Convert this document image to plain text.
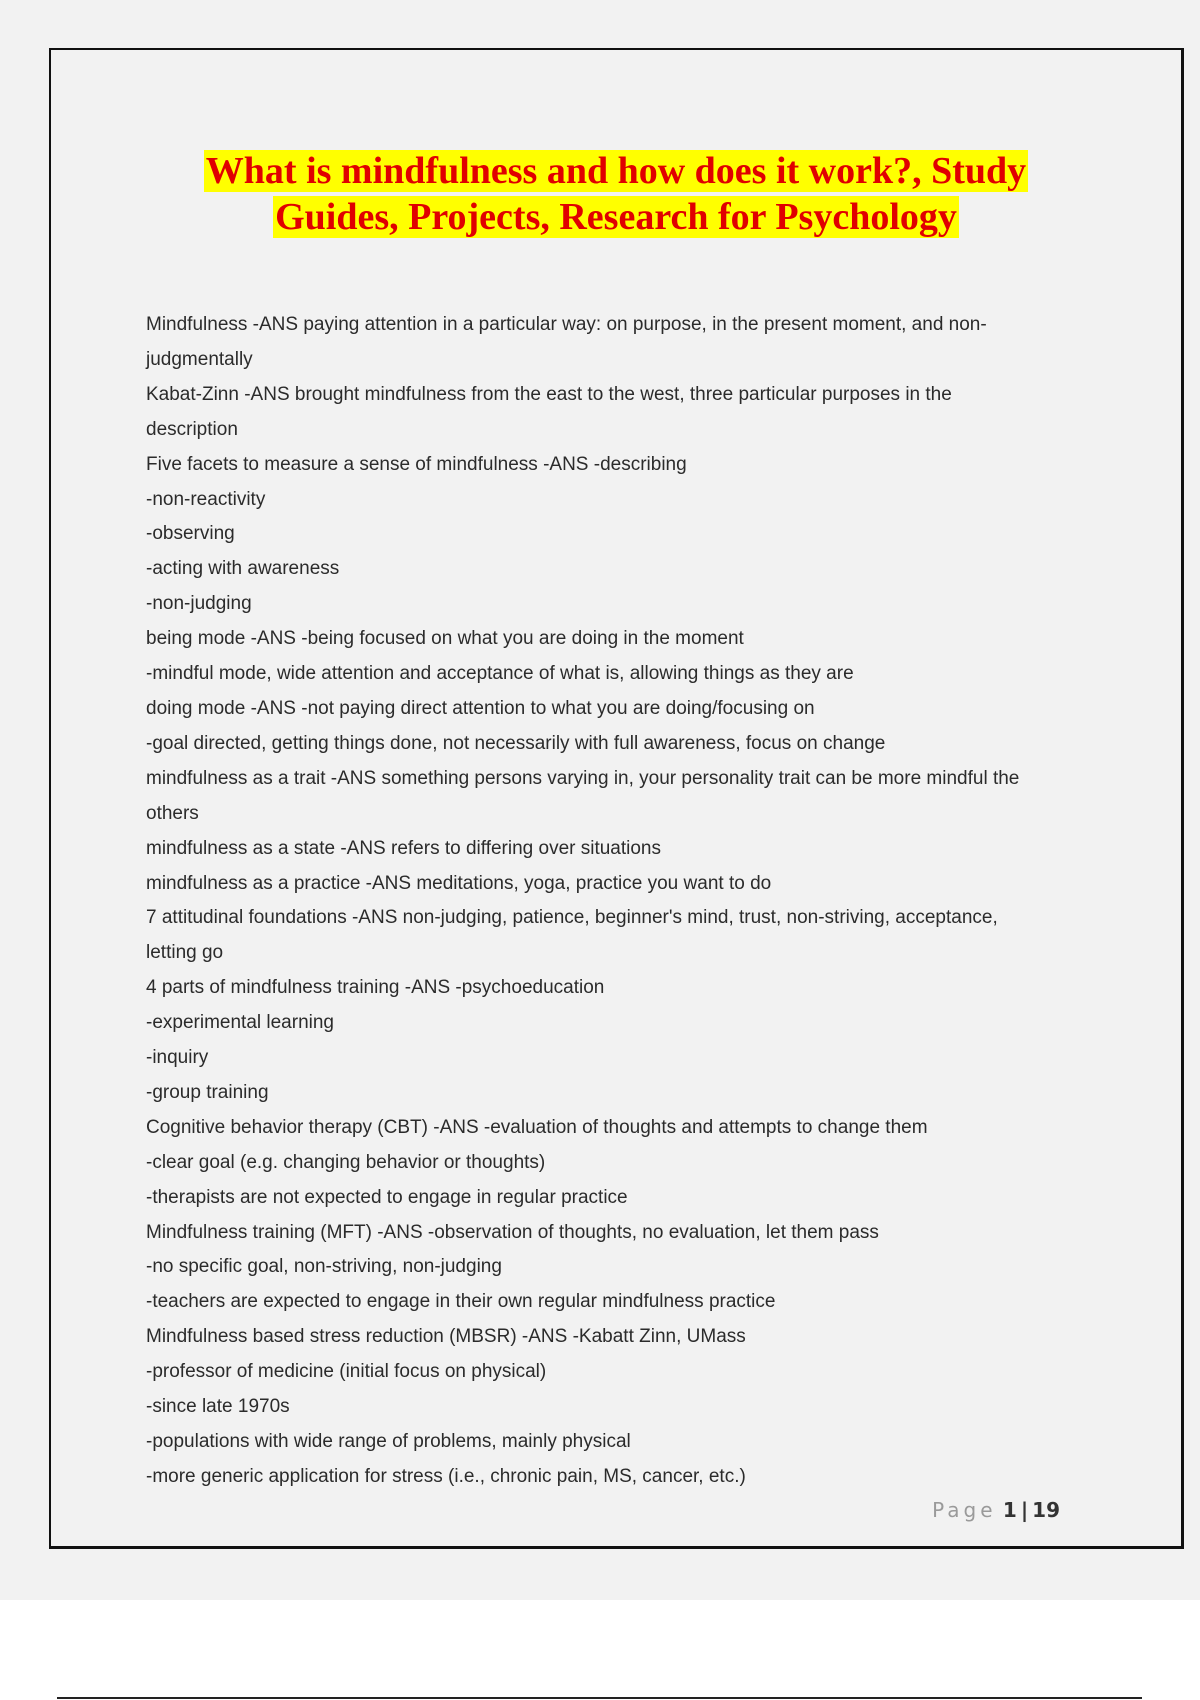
What is mindfulness and how does it work?, Study
Guides, Projects, Research for Psychology

Mindfulness -ANS paying attention in a particular way: on purpose, in the present moment, and non-

judgmentally

Kabat-Zinn -ANS brought mindfulness from the east to the west, three particular purposes in the

description

Five facets to measure a sense of mindfulness -ANS -describing

-non-reactivity

-observing

-acting with awareness

-non-judging

being mode -ANS -being focused on what you are doing in the moment

-mindful mode, wide attention and acceptance of what is, allowing things as they are

doing mode -ANS -not paying direct attention to what you are doing/focusing on

-goal directed, getting things done, not necessarily with full awareness, focus on change

mindfulness as a trait -ANS something persons varying in, your personality trait can be more mindful the

others

mindfulness as a state -ANS refers to differing over situations

mindfulness as a practice -ANS meditations, yoga, practice you want to do

7 attitudinal foundations -ANS non-judging, patience, beginner's mind, trust, non-striving, acceptance,

letting go

4 parts of mindfulness training -ANS -psychoeducation

-experimental learning

-inquiry

-group training

Cognitive behavior therapy (CBT) -ANS -evaluation of thoughts and attempts to change them

-clear goal (e.g. changing behavior or thoughts)

-therapists are not expected to engage in regular practice

Mindfulness training (MFT) -ANS -observation of thoughts, no evaluation, let them pass

-no specific goal, non-striving, non-judging

-teachers are expected to engage in their own regular mindfulness practice

Mindfulness based stress reduction (MBSR) -ANS -Kabatt Zinn, UMass

-professor of medicine (initial focus on physical)

-since late 1970s

-populations with wide range of problems, mainly physical

-more generic application for stress (i.e., chronic pain, MS, cancer, etc.)

Page 1 | 19
